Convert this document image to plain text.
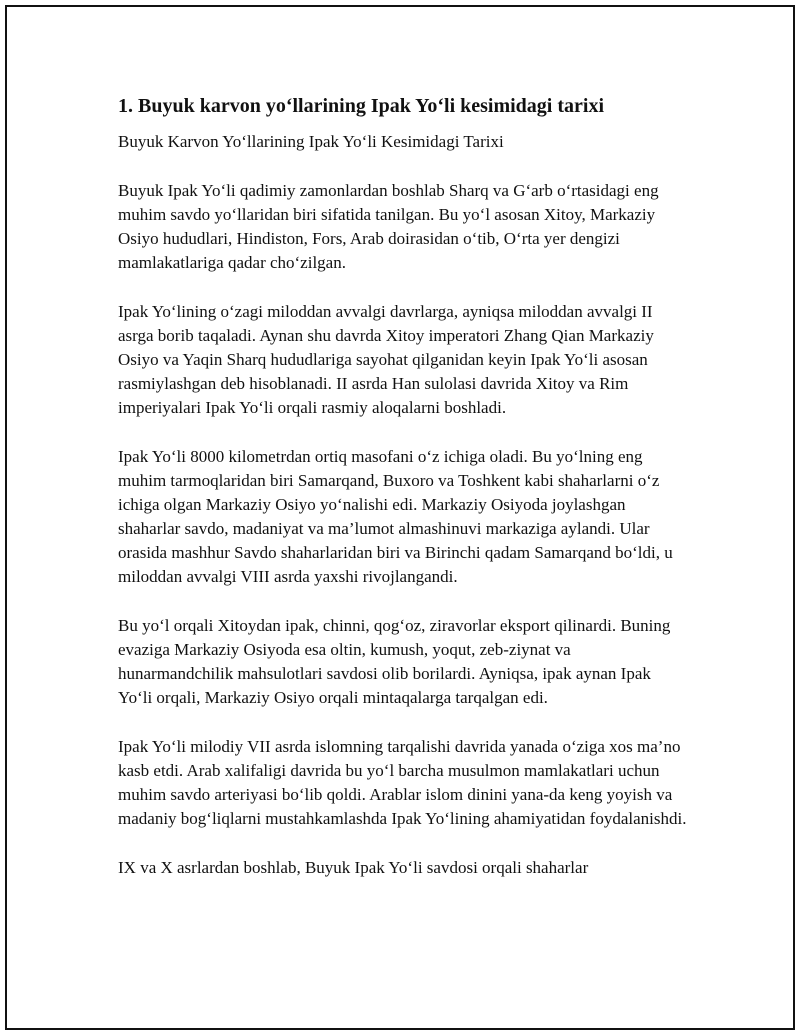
1. Buyuk karvon yo‘llarining Ipak Yo‘li kesimidagi tarixi

Buyuk Karvon Yo‘llarining Ipak Yo‘li Kesimidagi Tarixi

Buyuk Ipak Yo‘li qadimiy zamonlardan boshlab Sharq va G‘arb o‘rtasidagi eng muhim savdo yo‘llaridan biri sifatida tanilgan. Bu yo‘l asosan Xitoy, Markaziy Osiyo hududlari, Hindiston, Fors, Arab doirasidan o‘tib, O‘rta yer dengizi mamlakatlariga qadar cho‘zilgan.

Ipak Yo‘lining o‘zagi miloddan avvalgi davrlarga, ayniqsa miloddan avvalgi II asrga borib taqaladi. Aynan shu davrda Xitoy imperatori Zhang Qian Markaziy Osiyo va Yaqin Sharq hududlariga sayohat qilganidan keyin Ipak Yo‘li asosan rasmiylashgan deb hisoblanadi. II asrda Han sulolasi davrida Xitoy va Rim imperiyalari Ipak Yo‘li orqali rasmiy aloqalarni boshladi.

Ipak Yo‘li 8000 kilometrdan ortiq masofani o‘z ichiga oladi. Bu yo‘lning eng muhim tarmoqlaridan biri Samarqand, Buxoro va Toshkent kabi shaharlarni o‘z ichiga olgan Markaziy Osiyo yo‘nalishi edi. Markaziy Osiyoda joylashgan shaharlar savdo, madaniyat va ma’lumot almashinuvi markaziga aylandi. Ular orasida mashhur Savdo shaharlaridan biri va Birinchi qadam Samarqand bo‘ldi, u miloddan avvalgi VIII asrda yaxshi rivojlangandi.

Bu yo‘l orqali Xitoydan ipak, chinni, qog‘oz, ziravorlar eksport qilinardi. Buning evaziga Markaziy Osiyoda esa oltin, kumush, yoqut, zeb-ziynat va hunarmandchilik mahsulotlari savdosi olib borilardi. Ayniqsa, ipak aynan Ipak Yo‘li orqali, Markaziy Osiyo orqali mintaqalarga tarqalgan edi.

Ipak Yo‘li milodiy VII asrda islomning tarqalishi davrida yanada o‘ziga xos ma’no kasb etdi. Arab xalifaligi davrida bu yo‘l barcha musulmon mamlakatlari uchun muhim savdo arteriyasi bo‘lib qoldi. Arablar islom dinini yana-da keng yoyish va madaniy bog‘liqlarni mustahkamlashda Ipak Yo‘lining ahamiyatidan foydalanishdi.

IX va X asrlardan boshlab, Buyuk Ipak Yo‘li savdosi orqali shaharlar
